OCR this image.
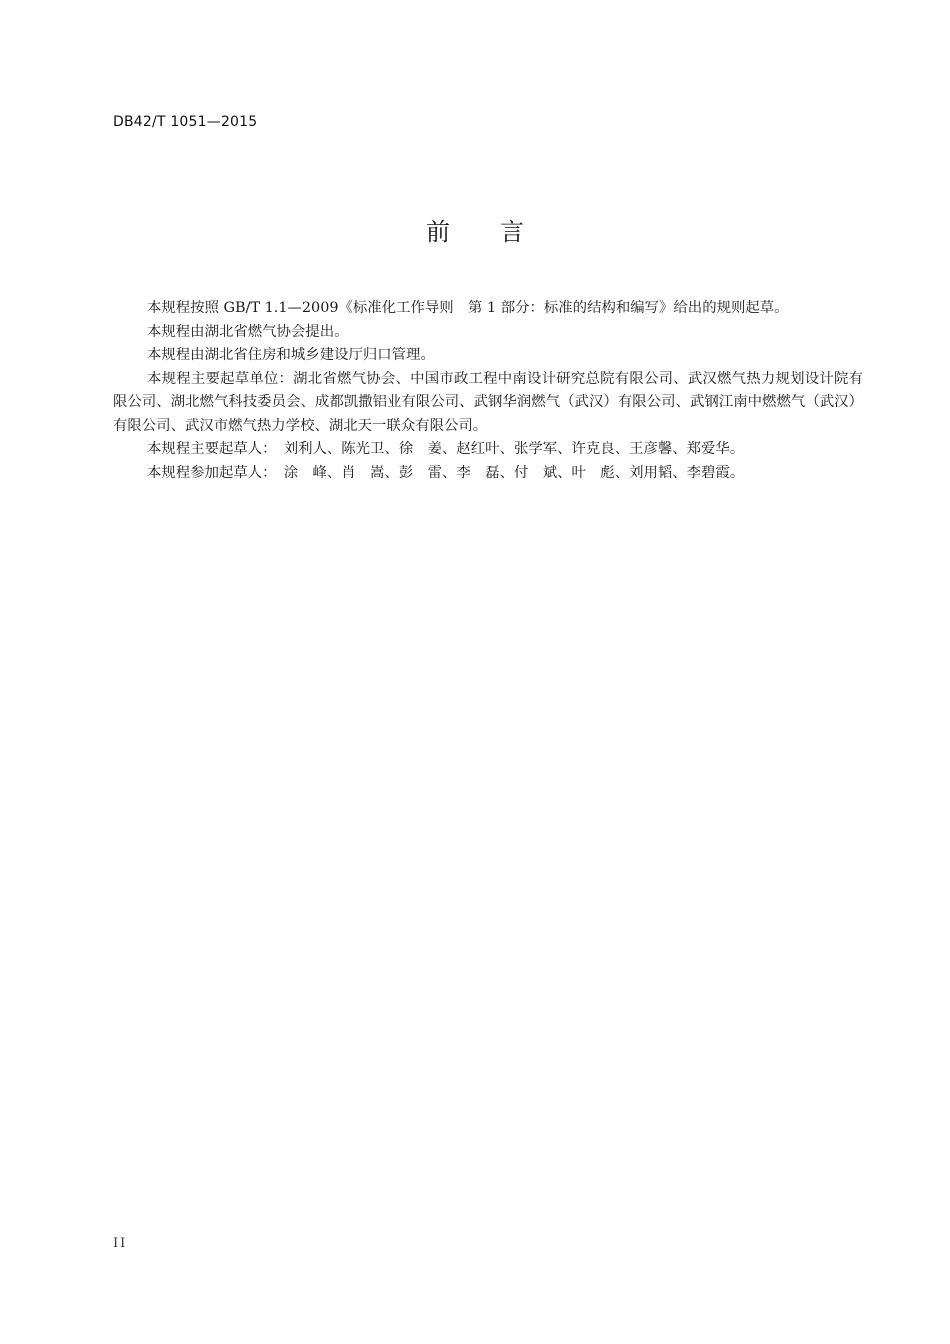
DB42/T 1051—2015
前言

本规程按照 GB/T 1.1—2009《标准化工作导则　第 1 部分：标准的结构和编写》给出的规则起草。

本规程由湖北省燃气协会提出。

本规程由湖北省住房和城乡建设厅归口管理。

本规程主要起草单位：湖北省燃气协会、中国市政工程中南设计研究总院有限公司、武汉燃气热力规划设计院有限公司、湖北燃气科技委员会、成都凯撒铝业有限公司、武钢华润燃气（武汉）有限公司、武钢江南中燃燃气（武汉）有限公司、武汉市燃气热力学校、湖北天一联众有限公司。

本规程主要起草人：　刘利人、陈光卫、徐　姜、赵红叶、张学军、许克良、王彦馨、郑爱华。

本规程参加起草人：　涂　峰、肖　嵩、彭　雷、李　磊、付　斌、叶　彪、刘用韬、李碧霞。

II
